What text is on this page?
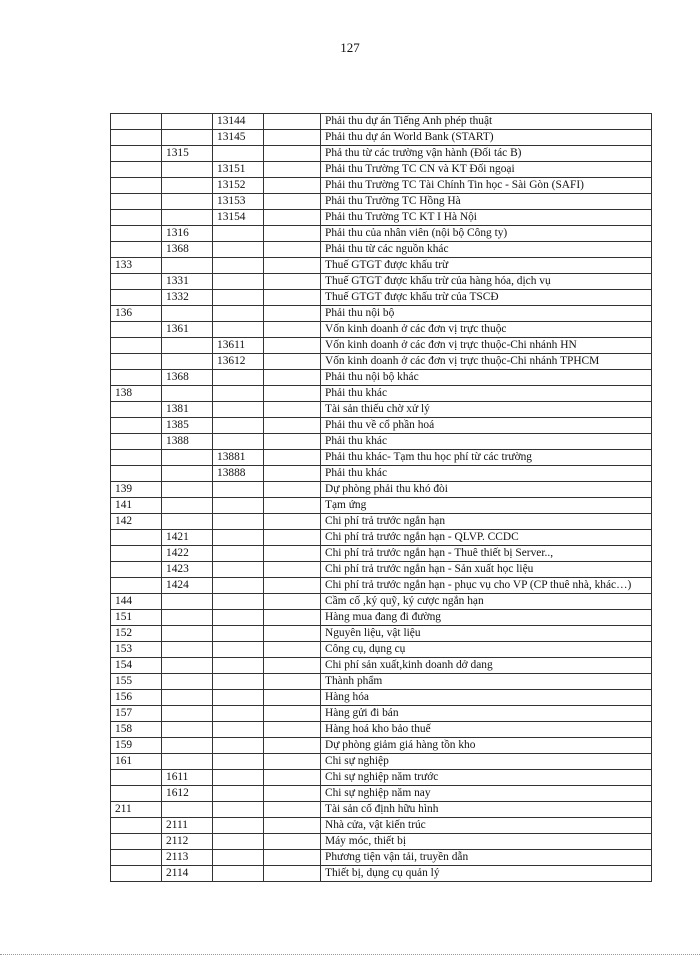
127
		13144		Phải thu dự án Tiếng Anh phép thuật
		13145		Phải thu dự án World Bank (START)
	1315			Phả thu từ các trường vận hành (Đối tác B)
		13151		Phải thu Trường TC CN và KT Đối ngoại
		13152		Phải thu Trường TC Tài Chính Tin học - Sài Gòn (SAFI)
		13153		Phải thu Trường TC Hồng Hà
		13154		Phải thu Trường TC KT I Hà Nội
	1316			Phải thu của nhân viên (nội bộ Công ty)
	1368			Phải thu từ các nguồn khác
133				Thuế GTGT được khấu trừ
	1331			Thuế GTGT được khấu trừ của hàng hóa, dịch vụ
	1332			Thuế GTGT được khấu trừ của TSCĐ
136				Phải thu nội bộ
	1361			Vốn kinh doanh ở các đơn vị trực thuộc
		13611		Vốn kinh doanh ở các đơn vị trực thuộc-Chi nhánh HN
		13612		Vốn kinh doanh ở các đơn vị trực thuộc-Chi nhánh TPHCM
	1368			Phải thu nội bộ khác
138				Phải thu khác
	1381			Tài sản thiếu chờ xử lý
	1385			Phải thu về cổ phần hoá
	1388			Phải thu khác
		13881		Phải thu khác- Tạm thu học phí từ các trường
		13888		Phải thu khác
139				Dự phòng phải thu khó đòi
141				Tạm ứng
142				Chi phí trả trước ngắn hạn
	1421			Chi phí trả trước ngắn hạn - QLVP. CCDC
	1422			Chi phí trả trước ngắn hạn - Thuê thiết bị Server..,
	1423			Chi phí trả trước ngắn hạn - Sản xuất học liệu
	1424			Chi phí trả trước ngắn hạn - phục vụ cho VP (CP thuê nhà, khác…)
144				Cầm cố ,ký quỹ, ký cược ngắn hạn
151				Hàng mua đang đi đường
152				Nguyên liệu, vật liệu
153				Công cụ, dụng cụ
154				Chi phí sản xuất,kinh doanh dở dang
155				Thành phẩm
156				Hàng hóa
157				Hàng gửi đi bán
158				Hàng hoá kho bảo thuế
159				Dự phòng giảm giá hàng tồn kho
161				Chi sự nghiệp
	1611			Chi sự nghiệp năm trước
	1612			Chi sự nghiệp năm nay
211				Tài sản cố định hữu hình
	2111			Nhà cửa, vật kiến trúc
	2112			Máy móc, thiết bị
	2113			Phương tiện vận tải, truyền dẫn
	2114			Thiết bị, dụng cụ quản lý
